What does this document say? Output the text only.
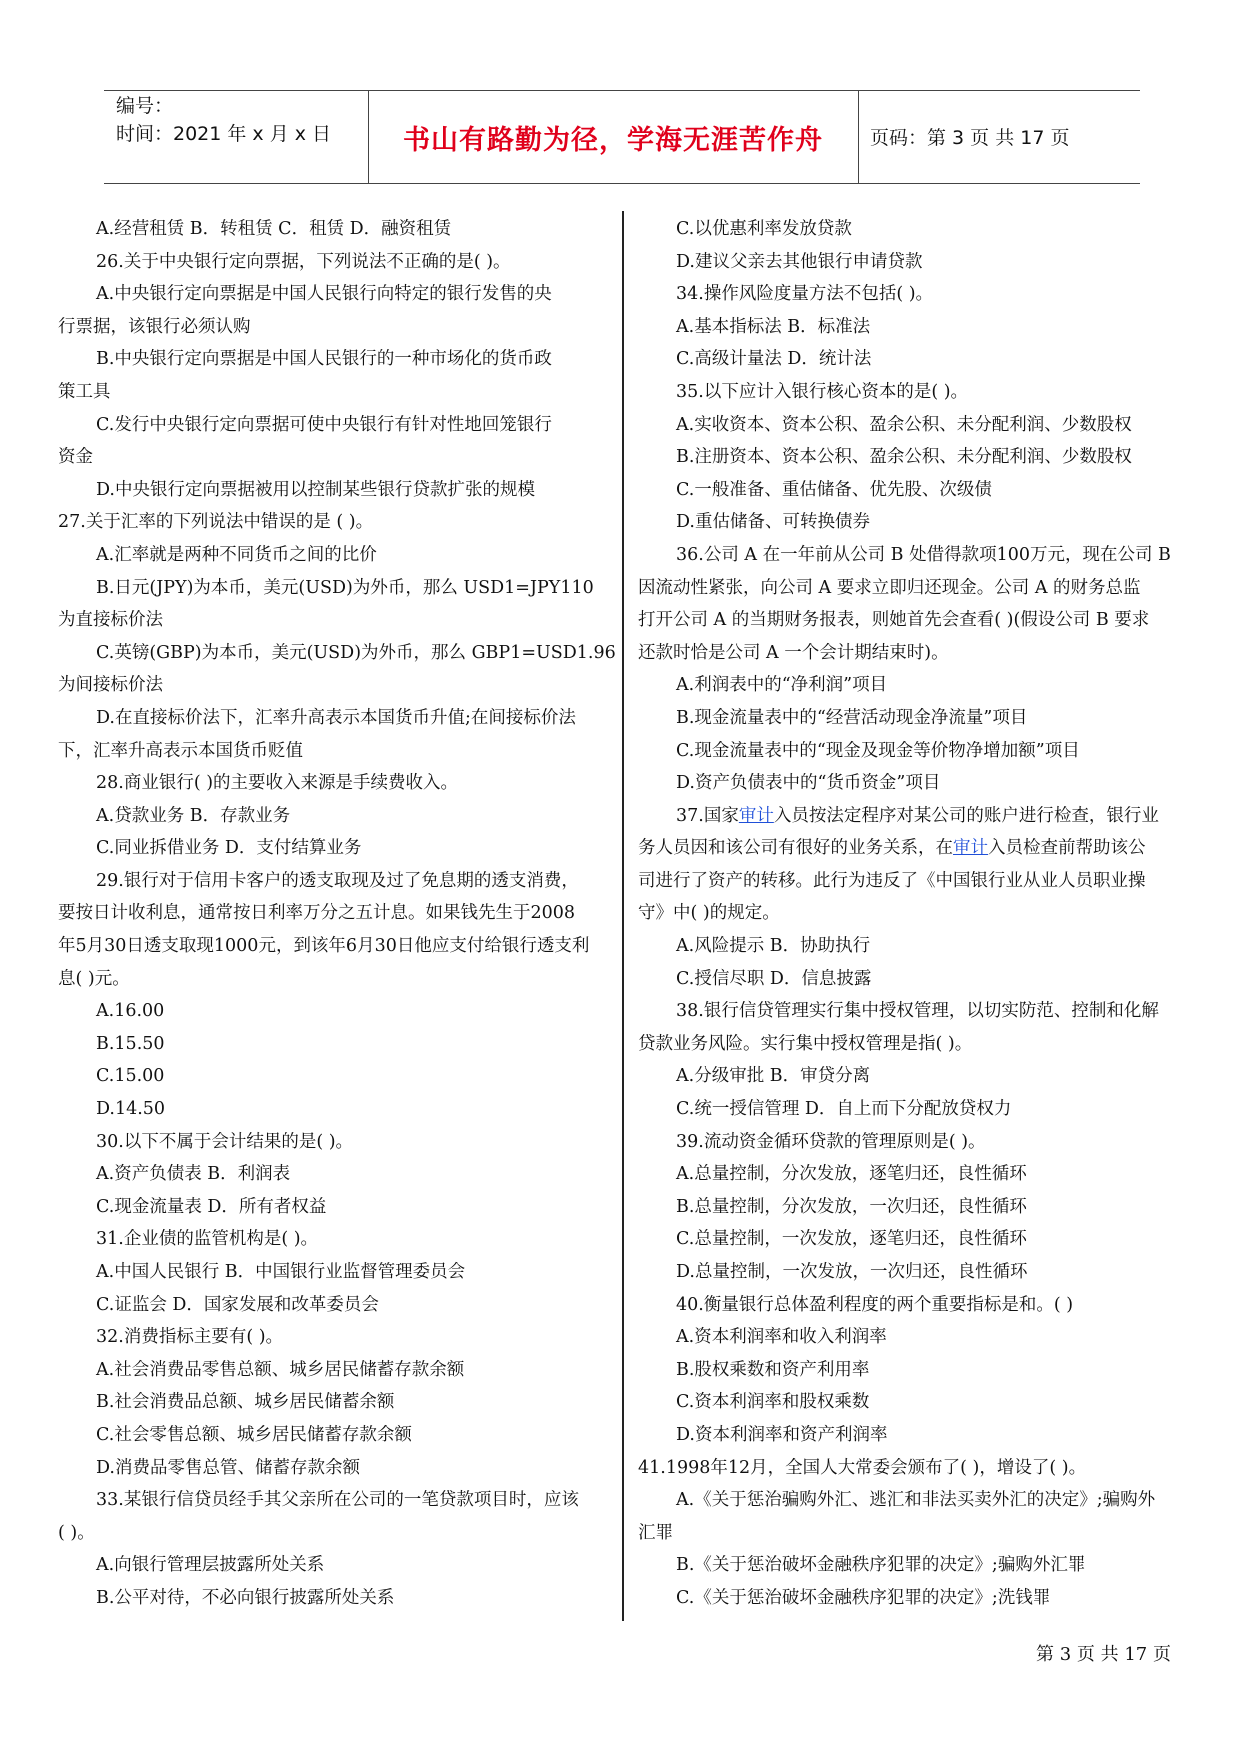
编号：
时间：2021 年 x 月 x 日	书山有路勤为径，学海无涯苦作舟	页码：第 3 页 共 17 页
A.经营租赁 B．转租赁 C．租赁 D．融资租赁
26.关于中央银行定向票据，下列说法不正确的是( )。
A.中央银行定向票据是中国人民银行向特定的银行发售的央
行票据，该银行必须认购
B.中央银行定向票据是中国人民银行的一种市场化的货币政
策工具
C.发行中央银行定向票据可使中央银行有针对性地回笼银行
资金
D.中央银行定向票据被用以控制某些银行贷款扩张的规模
27.关于汇率的下列说法中错误的是 ( )。
A.汇率就是两种不同货币之间的比价
B.日元(JPY)为本币，美元(USD)为外币，那么 USD1=JPY110
为直接标价法
C.英镑(GBP)为本币，美元(USD)为外币，那么 GBP1=USD1.96
为间接标价法
D.在直接标价法下，汇率升高表示本国货币升值;在间接标价法
下，汇率升高表示本国货币贬值
28.商业银行( )的主要收入来源是手续费收入。
A.贷款业务 B．存款业务
C.同业拆借业务 D．支付结算业务
29.银行对于信用卡客户的透支取现及过了免息期的透支消费，
要按日计收利息，通常按日利率万分之五计息。如果钱先生于2008
年5月30日透支取现1000元，到该年6月30日他应支付给银行透支利
息( )元。
A.16.00
B.15.50
C.15.00
D.14.50
30.以下不属于会计结果的是( )。
A.资产负债表 B．利润表
C.现金流量表 D．所有者权益
31.企业债的监管机构是( )。
A.中国人民银行 B．中国银行业监督管理委员会
C.证监会 D．国家发展和改革委员会
32.消费指标主要有( )。
A.社会消费品零售总额、城乡居民储蓄存款余额
B.社会消费品总额、城乡居民储蓄余额
C.社会零售总额、城乡居民储蓄存款余额
D.消费品零售总管、储蓄存款余额
33.某银行信贷员经手其父亲所在公司的一笔贷款项目时，应该
( )。
A.向银行管理层披露所处关系
B.公平对待，不必向银行披露所处关系
C.以优惠利率发放贷款
D.建议父亲去其他银行申请贷款
34.操作风险度量方法不包括( )。
A.基本指标法 B．标准法
C.高级计量法 D．统计法
35.以下应计入银行核心资本的是( )。
A.实收资本、资本公积、盈余公积、未分配利润、少数股权
B.注册资本、资本公积、盈余公积、未分配利润、少数股权
C.一般准备、重估储备、优先股、次级债
D.重估储备、可转换债券
36.公司 A 在一年前从公司 B 处借得款项100万元，现在公司 B
因流动性紧张，向公司 A 要求立即归还现金。公司 A 的财务总监
打开公司 A 的当期财务报表，则她首先会查看( )(假设公司 B 要求
还款时恰是公司 A 一个会计期结束时)。
A.利润表中的“净利润”项目
B.现金流量表中的“经营活动现金净流量”项目
C.现金流量表中的“现金及现金等价物净增加额”项目
D.资产负债表中的“货币资金”项目
37.国家审计入员按法定程序对某公司的账户进行检查，银行业
务人员因和该公司有很好的业务关系，在审计入员检查前帮助该公
司进行了资产的转移。此行为违反了《中国银行业从业人员职业操
守》中( )的规定。
A.风险提示 B．协助执行
C.授信尽职 D．信息披露
38.银行信贷管理实行集中授权管理，以切实防范、控制和化解
贷款业务风险。实行集中授权管理是指( )。
A.分级审批 B．审贷分离
C.统一授信管理 D．自上而下分配放贷权力
39.流动资金循环贷款的管理原则是( )。
A.总量控制，分次发放，逐笔归还，良性循环
B.总量控制，分次发放，一次归还，良性循环
C.总量控制，一次发放，逐笔归还，良性循环
D.总量控制，一次发放，一次归还，良性循环
40.衡量银行总体盈利程度的两个重要指标是和。( )
A.资本利润率和收入利润率
B.股权乘数和资产利用率
C.资本利润率和股权乘数
D.资本利润率和资产利润率
41.1998年12月，全国人大常委会颁布了( )，增设了( )。
A.《关于惩治骗购外汇、逃汇和非法买卖外汇的决定》;骗购外
汇罪
B.《关于惩治破坏金融秩序犯罪的决定》;骗购外汇罪
C.《关于惩治破坏金融秩序犯罪的决定》;洗钱罪
第 3 页 共 17 页
